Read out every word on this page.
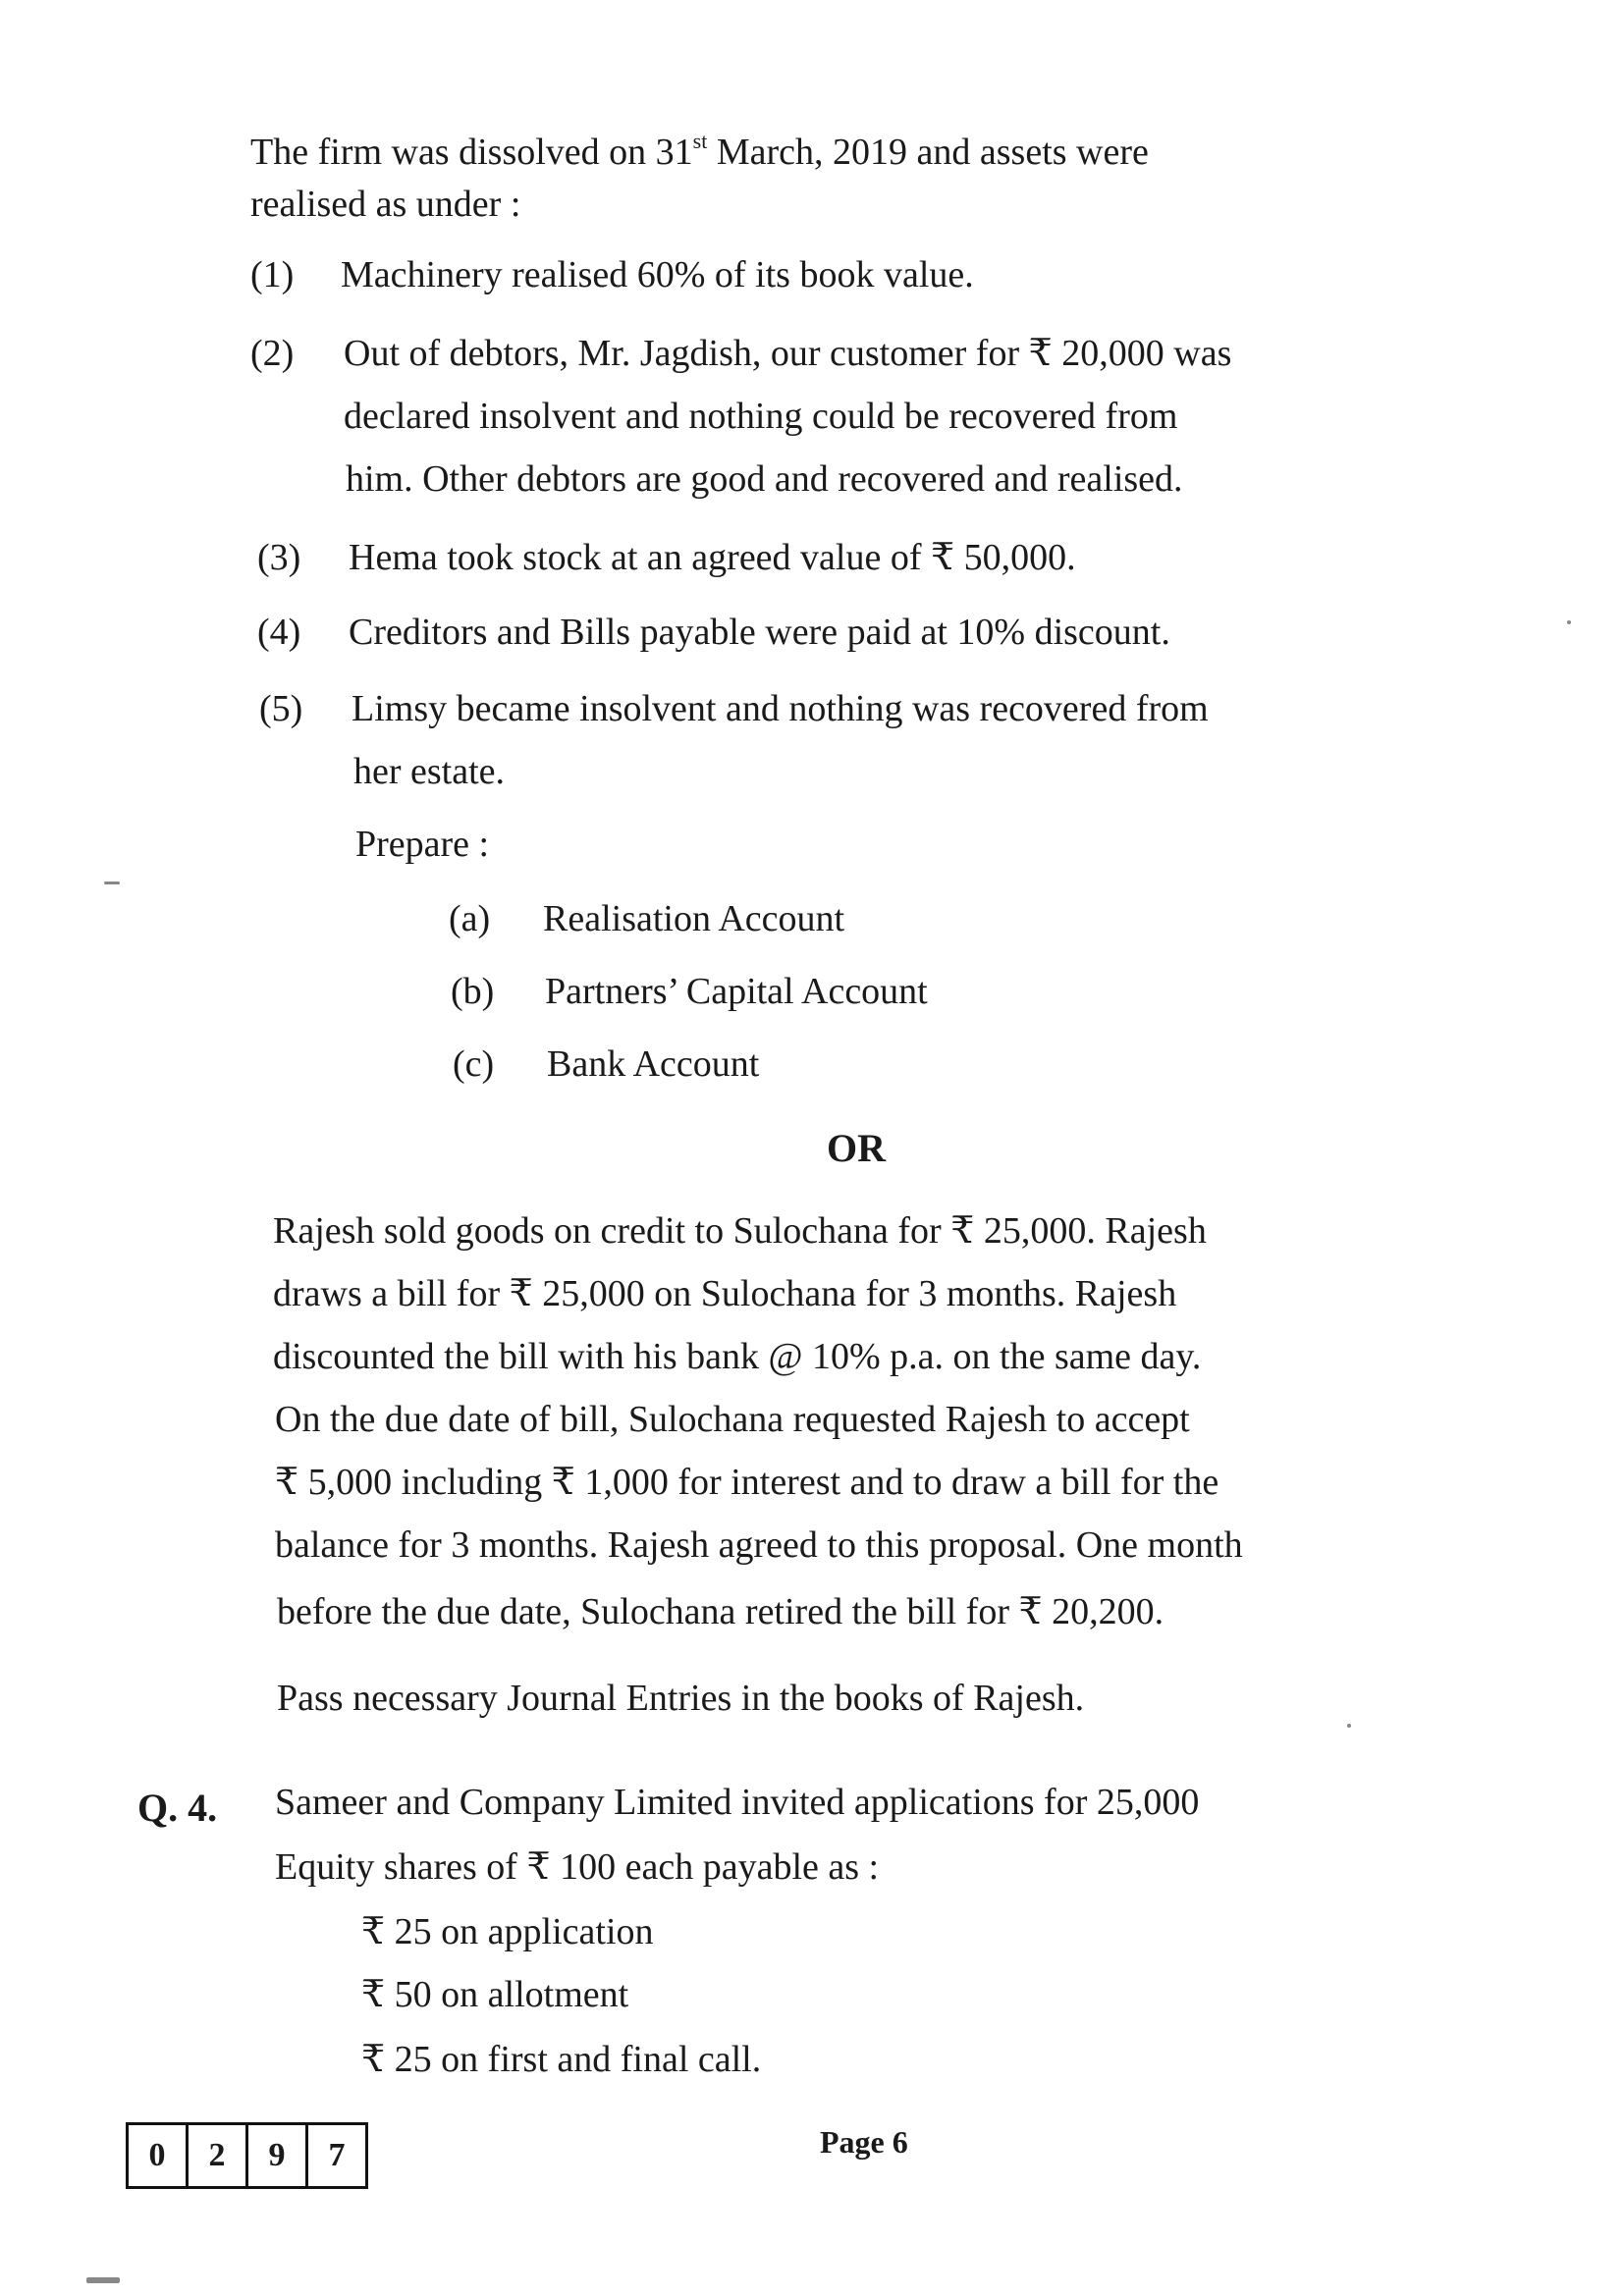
The firm was dissolved on 31st March, 2019 and assets were
realised as under :
(1) Machinery realised 60% of its book value.
(2) Out of debtors, Mr. Jagdish, our customer for ₹ 20,000 was
declared insolvent and nothing could be recovered from
him. Other debtors are good and recovered and realised.
(3) Hema took stock at an agreed value of ₹ 50,000.
(4) Creditors and Bills payable were paid at 10% discount.
(5) Limsy became insolvent and nothing was recovered from
her estate.
Prepare :
(a) Realisation Account
(b) Partners’ Capital Account
(c) Bank Account
OR
Rajesh sold goods on credit to Sulochana for ₹ 25,000. Rajesh
draws a bill for ₹ 25,000 on Sulochana for 3 months. Rajesh
discounted the bill with his bank @ 10% p.a. on the same day.
On the due date of bill, Sulochana requested Rajesh to accept
₹ 5,000 including ₹ 1,000 for interest and to draw a bill for the
balance for 3 months. Rajesh agreed to this proposal. One month
before the due date, Sulochana retired the bill for ₹ 20,200.
Pass necessary Journal Entries in the books of Rajesh.
Q. 4. Sameer and Company Limited invited applications for 25,000
Equity shares of ₹ 100 each payable as :
₹ 25 on application
₹ 50 on allotment
₹ 25 on first and final call.
0	2	9	7	Page 6
